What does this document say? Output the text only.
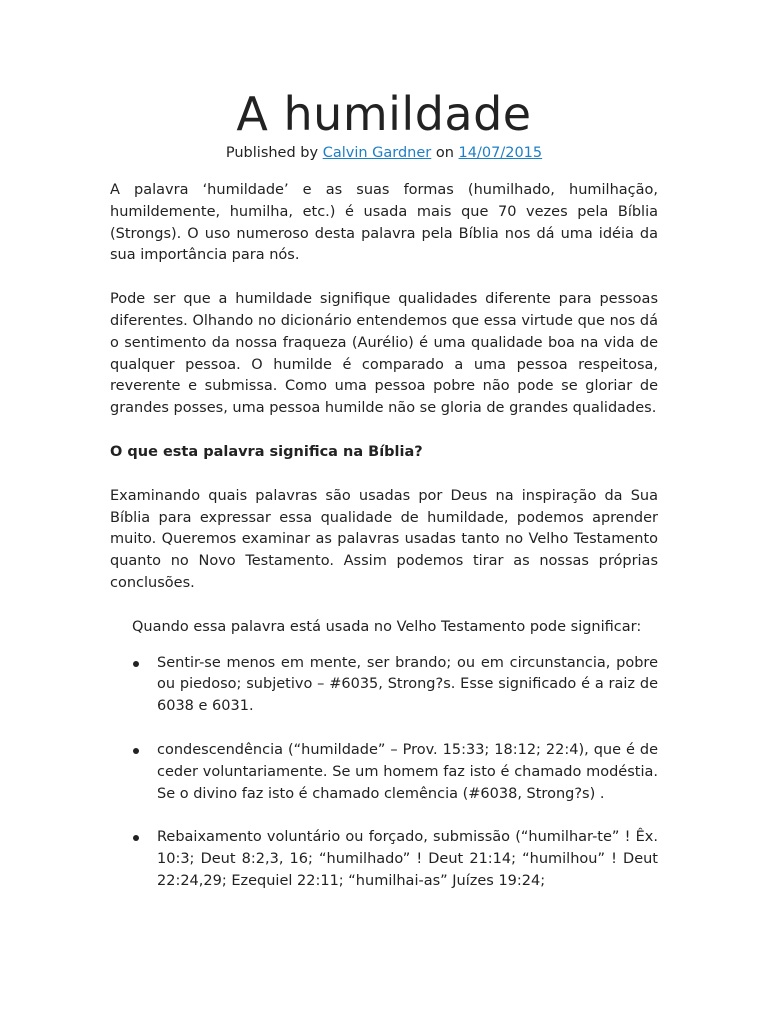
A humildade
Published by Calvin Gardner on 14/07/2015

A palavra ‘humildade’ e as suas formas (humilhado, humilhação, humildemente, humilha, etc.) é usada mais que 70 vezes pela Bíblia (Strongs). O uso numeroso desta palavra pela Bíblia nos dá uma idéia da sua importância para nós.

Pode ser que a humildade signifique qualidades diferente para pessoas diferentes. Olhando no dicionário entendemos que essa virtude que nos dá o sentimento da nossa fraqueza (Aurélio) é uma qualidade boa na vida de qualquer pessoa. O humilde é comparado a uma pessoa respeitosa, reverente e submissa. Como uma pessoa pobre não pode se gloriar de grandes posses, uma pessoa humilde não se gloria de grandes qualidades.

O que esta palavra significa na Bíblia?

Examinando quais palavras são usadas por Deus na inspiração da Sua Bíblia para expressar essa qualidade de humildade, podemos aprender muito. Queremos examinar as palavras usadas tanto no Velho Testamento quanto no Novo Testamento. Assim podemos tirar as nossas próprias conclusões.

Quando essa palavra está usada no Velho Testamento pode significar:
Sentir-se menos em mente, ser brando; ou em circunstancia, pobre ou piedoso; subjetivo – #6035, Strong?s. Esse significado é a raiz de 6038 e 6031.
condescendência (“humildade” – Prov. 15:33; 18:12; 22:4), que é de ceder voluntariamente. Se um homem faz isto é chamado modéstia. Se o divino faz isto é chamado clemência (#6038, Strong?s) .
Rebaixamento voluntário ou forçado, submissão (“humilhar-te” ! Êx. 10:3; Deut 8:2,3, 16; “humilhado” ! Deut 21:14; “humilhou” ! Deut 22:24,29; Ezequiel 22:11; “humilhai-as” Juízes 19:24;
